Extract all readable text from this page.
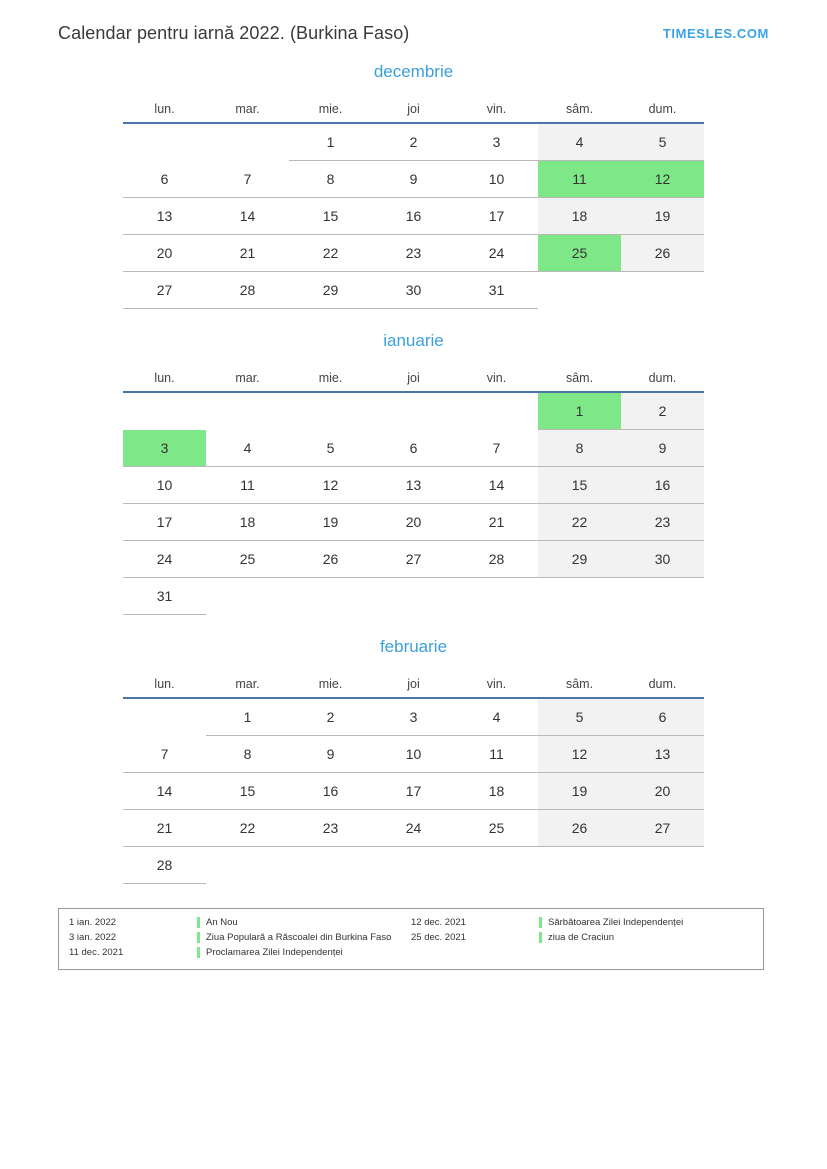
Calendar pentru iarnă 2022. (Burkina Faso)	TIMESLES.COM
decembrie
lun.	mar.	mie.	joi	vin.	sâm.	dum.
		1	2	3	4	5
6	7	8	9	10	11	12
13	14	15	16	17	18	19
20	21	22	23	24	25	26
27	28	29	30	31		
ianuarie
lun.	mar.	mie.	joi	vin.	sâm.	dum.
					1	2
3	4	5	6	7	8	9
10	11	12	13	14	15	16
17	18	19	20	21	22	23
24	25	26	27	28	29	30
31						
februarie
lun.	mar.	mie.	joi	vin.	sâm.	dum.
	1	2	3	4	5	6
7	8	9	10	11	12	13
14	15	16	17	18	19	20
21	22	23	24	25	26	27
28						
1 ian. 2022	An Nou
3 ian. 2022	Ziua Populară a Răscoalei din Burkina Faso
11 dec. 2021	Proclamarea Zilei Independenței
12 dec. 2021	Sărbătoarea Zilei Independenței
25 dec. 2021	ziua de Craciun
